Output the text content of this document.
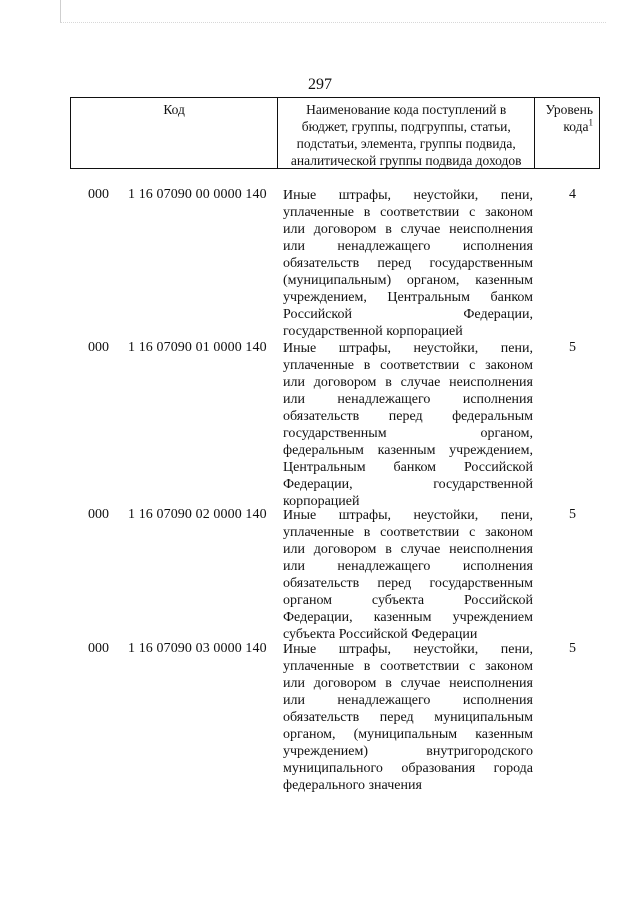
297
Код	Наименование кода поступлений в
бюджет, группы, подгруппы, статьи,
подстатьи, элемента, группы подвида,
аналитической группы подвида доходов
Уровень
кода$^1$
000 1 16 07090 00 0000 140 Иные штрафы, неустойки, пени,
уплаченные в соответствии с законом
или договором в случае неисполнения
или ненадлежащего исполнения
обязательств перед государственным
(муниципальным) органом, казенным
учреждением, Центральным банком
Российской Федерации,
государственной корпорацией
4
000 1 16 07090 01 0000 140 Иные штрафы, неустойки, пени,
уплаченные в соответствии с законом
или договором в случае неисполнения
или ненадлежащего исполнения
обязательств перед федеральным
государственным органом,
федеральным казенным учреждением,
Центральным банком Российской
Федерации, государственной
корпорацией
5
000 1 16 07090 02 0000 140 Иные штрафы, неустойки, пени,
уплаченные в соответствии с законом
или договором в случае неисполнения
или ненадлежащего исполнения
обязательств перед государственным
органом субъекта Российской
Федерации, казенным учреждением
субъекта Российской Федерации
5
000 1 16 07090 03 0000 140 Иные штрафы, неустойки, пени,
уплаченные в соответствии с законом
или договором в случае неисполнения
или ненадлежащего исполнения
обязательств перед муниципальным
органом, (муниципальным казенным
учреждением) внутригородского
муниципального образования города
федерального значения
5
